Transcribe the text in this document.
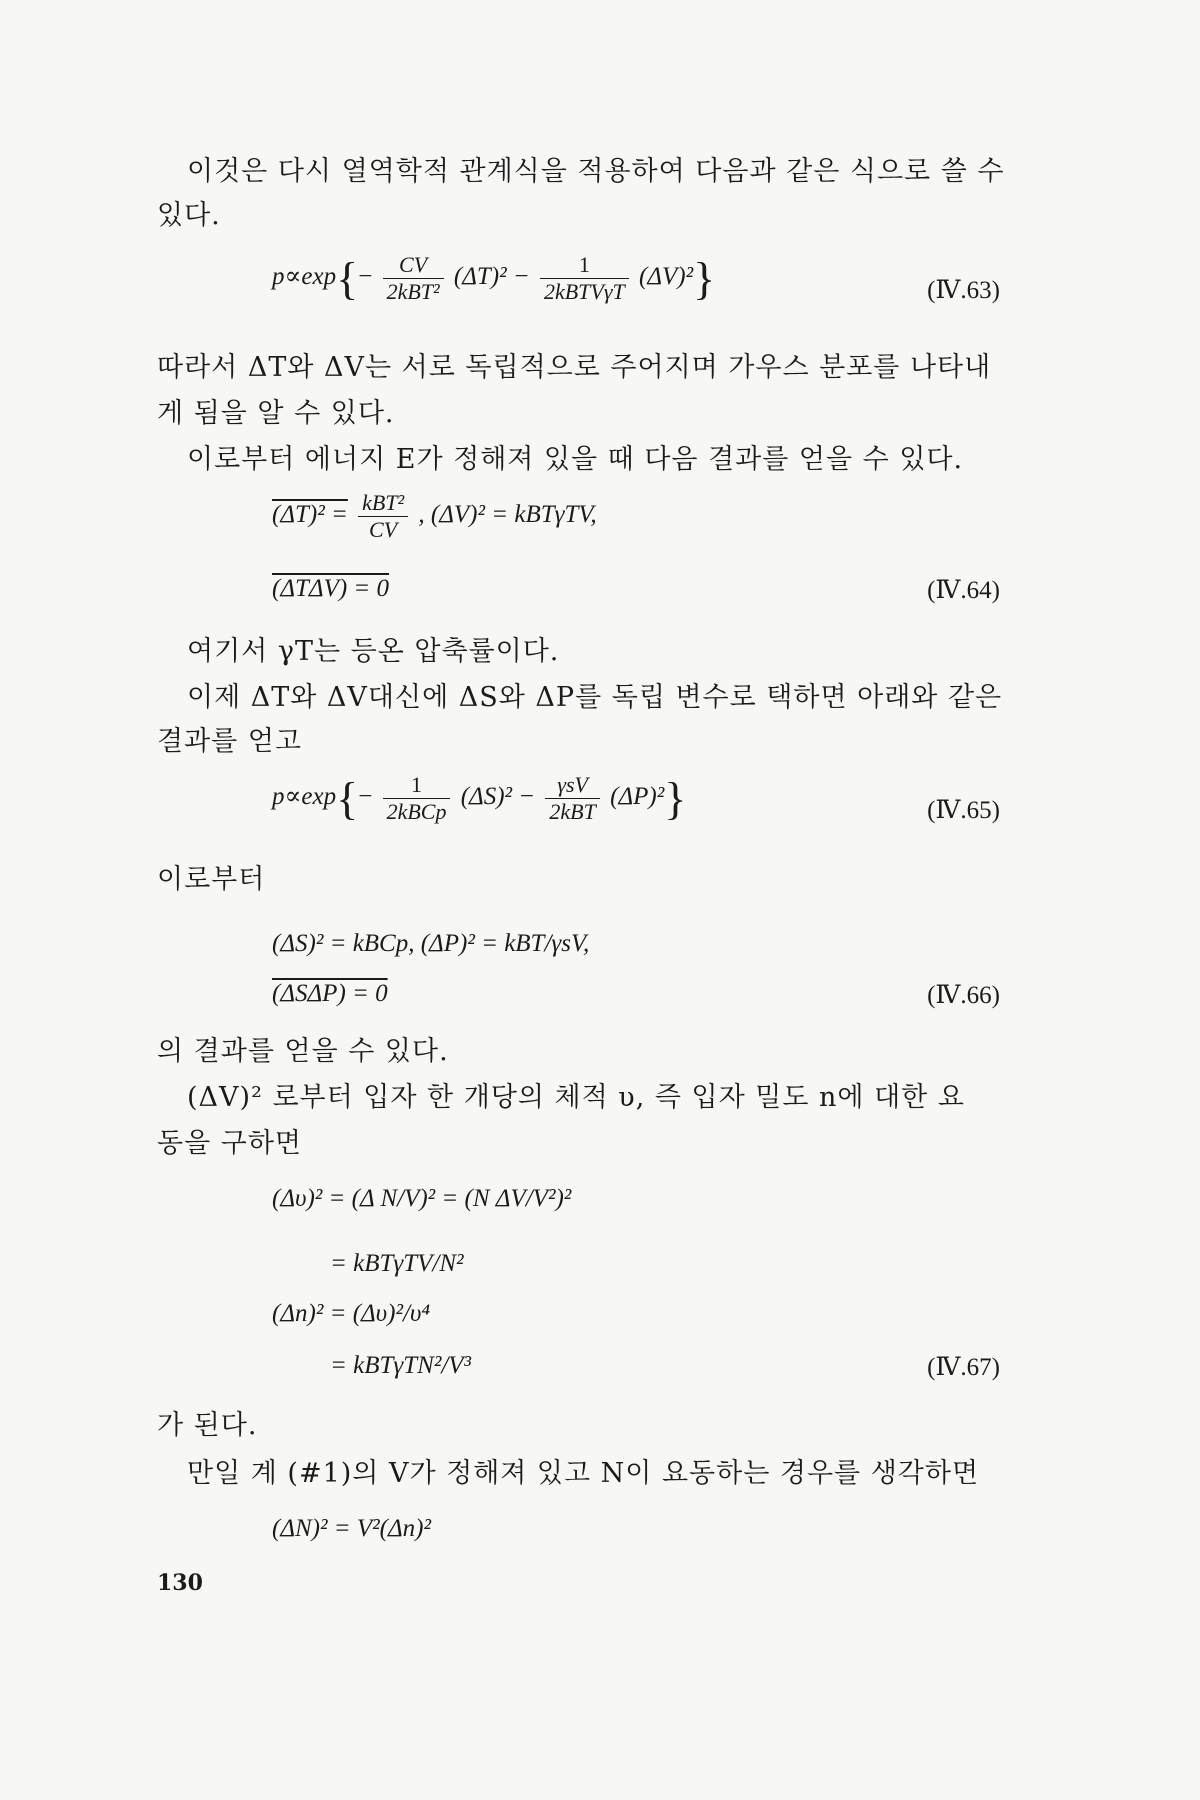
이것은 다시 열역학적 관계식을 적용하여 다음과 같은 식으로 쓸 수
있다.
$p\propto\exp\{- \frac{CV}{\text{2kBT²}} (\Delta T)^2 - \frac{1}{\text{2kBTVγT}} (\Delta V)^2\}$	(Ⅳ.63)
따라서 ΔT와 ΔV는 서로 독립적으로 주어지며 가우스 분포를 나타내
게 됨을 알 수 있다.
이로부터 에너지 E가 정해져 있을 때 다음 결과를 얻을 수 있다.
$(\Delta T)^2 = \frac{\text{kBT²}}{CV}$ , (ΔV)² = kBTγTV,
(ΔTΔV) = 0	(Ⅳ.64)
여기서 γT는 등온 압축률이다.
이제 ΔT와 ΔV대신에 ΔS와 ΔP를 독립 변수로 택하면 아래와 같은
결과를 얻고
$p\propto\exp\{- \frac{1}{\text{2kBCp}} (\Delta S)^2 - \frac{\text{γsV}}{\text{2kBT}} (\Delta P)^2\}$	(Ⅳ.65)
이로부터
(ΔS)² = kBCp, (ΔP)² = kBT/γsV,
(ΔSΔP) = 0	(Ⅳ.66)
의 결과를 얻을 수 있다.
(ΔV)² 로부터 입자 한 개당의 체적 υ, 즉 입자 밀도 n에 대한 요
동을 구하면
(Δυ)² = (Δ N/V)² = (N ΔV/V²)²
= kBTγTV/N²
(Δn)² = (Δυ)²/υ⁴
= kBTγTN²/V³	(Ⅳ.67)
가 된다.
만일 계 (#1)의 V가 정해져 있고 N이 요동하는 경우를 생각하면
(ΔN)² = V²(Δn)²
130
